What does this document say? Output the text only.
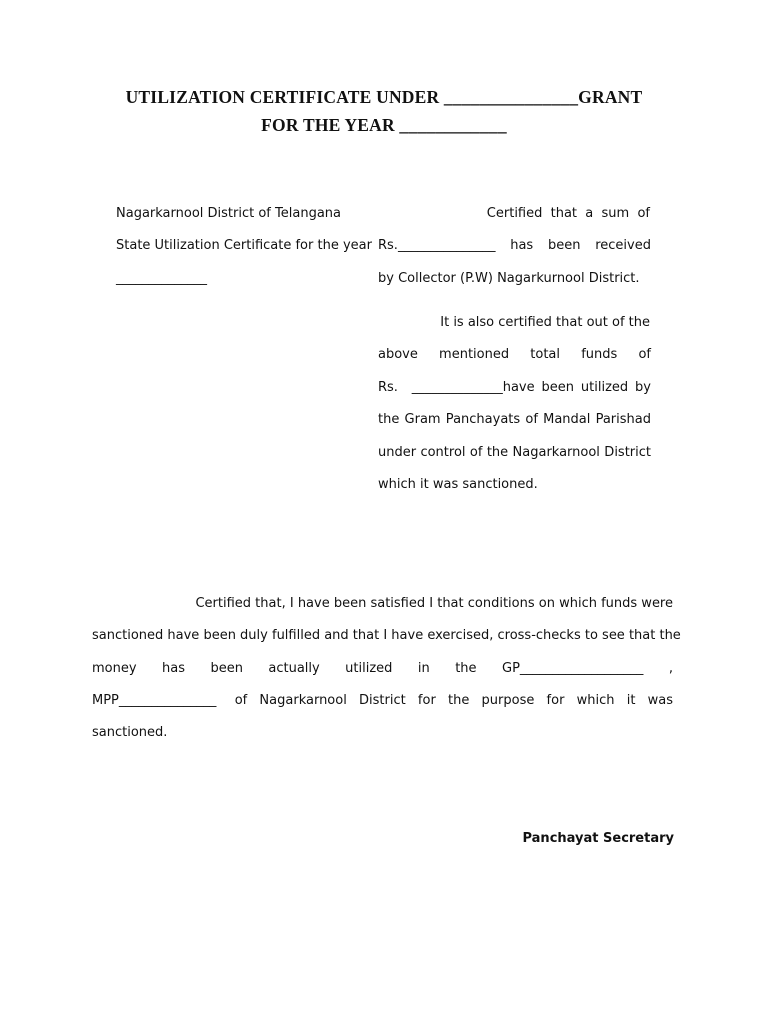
UTILIZATION CERTIFICATE UNDER _______________GRANT
FOR THE YEAR ____________
Nagarkarnool District of Telangana
State Utilization Certificate for the year
______________
Certified  that  a  sum  of
Rs._______________  has  been  received
by Collector (P.W) Nagarkurnool District.
It is also certified that out of the
above  mentioned  total  funds  of
Rs.  ______________have been utilized by
the Gram Panchayats of Mandal Parishad
under control of the Nagarkarnool District
which it was sanctioned.
Certified that, I have been satisfied I that conditions on which funds were
sanctioned have been duly fulfilled and that I have exercised, cross-checks to see that the
money   has   been   actually   utilized   in   the   GP___________________   ,
MPP_______________   of  Nagarkarnool  District  for  the  purpose  for  which  it  was
sanctioned.
Panchayat Secretary
